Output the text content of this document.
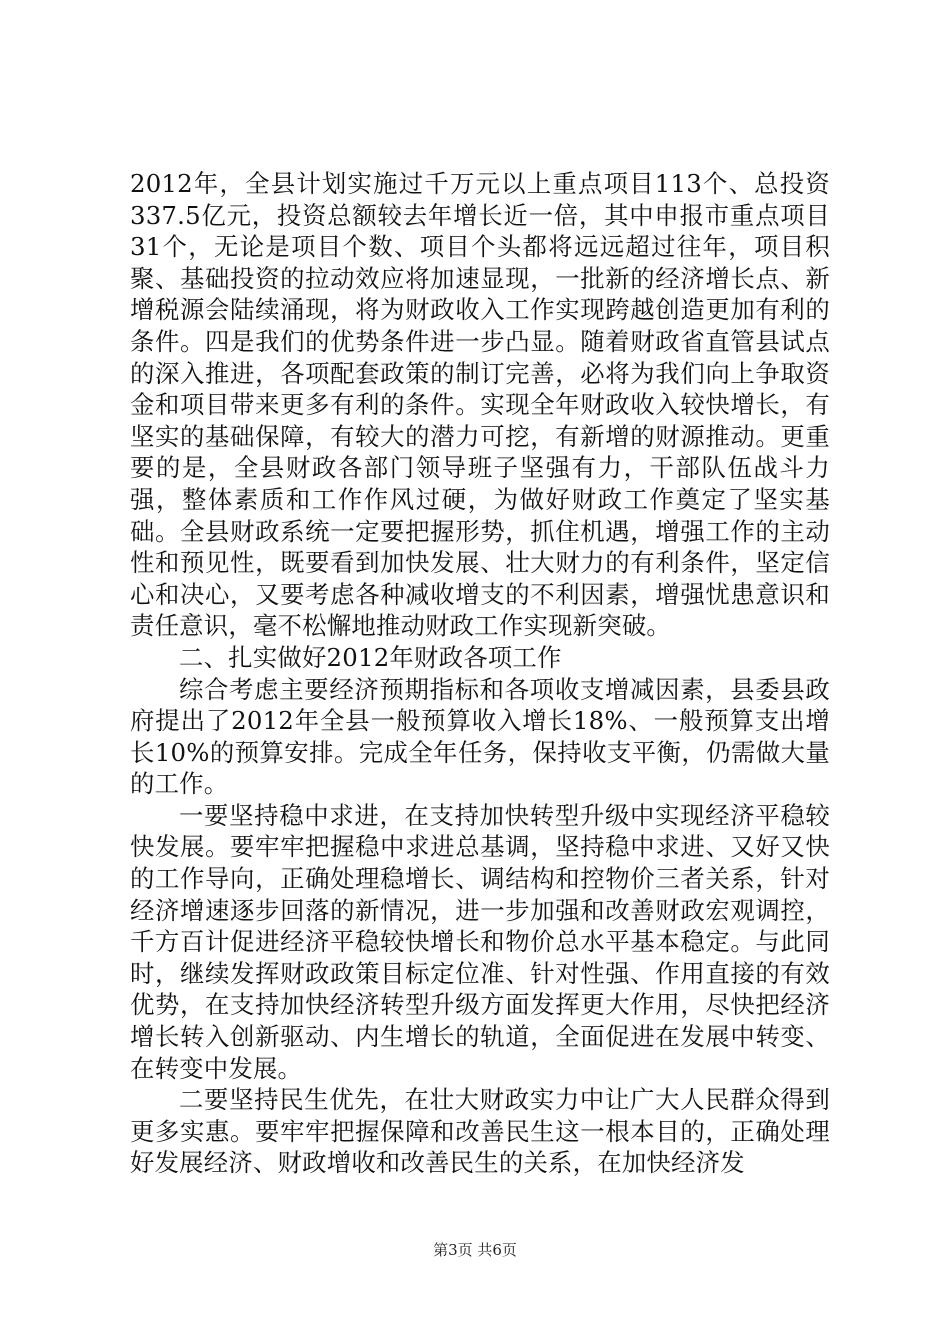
2012年，全县计划实施过千万元以上重点项目113个、总投资337.5亿元，投资总额较去年增长近一倍，其中申报市重点项目31个，无论是项目个数、项目个头都将远远超过往年，项目积聚、基础投资的拉动效应将加速显现，一批新的经济增长点、新增税源会陆续涌现，将为财政收入工作实现跨越创造更加有利的条件。四是我们的优势条件进一步凸显。随着财政省直管县试点的深入推进，各项配套政策的制订完善，必将为我们向上争取资金和项目带来更多有利的条件。实现全年财政收入较快增长，有坚实的基础保障，有较大的潜力可挖，有新增的财源推动。更重要的是，全县财政各部门领导班子坚强有力，干部队伍战斗力强，整体素质和工作作风过硬，为做好财政工作奠定了坚实基础。全县财政系统一定要把握形势，抓住机遇，增强工作的主动性和预见性，既要看到加快发展、壮大财力的有利条件，坚定信心和决心，又要考虑各种减收增支的不利因素，增强忧患意识和责任意识，毫不松懈地推动财政工作实现新突破。

二、扎实做好2012年财政各项工作

综合考虑主要经济预期指标和各项收支增减因素，县委县政府提出了2012年全县一般预算收入增长18%、一般预算支出增长10%的预算安排。完成全年任务，保持收支平衡，仍需做大量的工作。

一要坚持稳中求进，在支持加快转型升级中实现经济平稳较快发展。要牢牢把握稳中求进总基调，坚持稳中求进、又好又快的工作导向，正确处理稳增长、调结构和控物价三者关系，针对经济增速逐步回落的新情况，进一步加强和改善财政宏观调控，千方百计促进经济平稳较快增长和物价总水平基本稳定。与此同时，继续发挥财政政策目标定位准、针对性强、作用直接的有效优势，在支持加快经济转型升级方面发挥更大作用，尽快把经济增长转入创新驱动、内生增长的轨道，全面促进在发展中转变、在转变中发展。

二要坚持民生优先，在壮大财政实力中让广大人民群众得到更多实惠。要牢牢把握保障和改善民生这一根本目的，正确处理好发展经济、财政增收和改善民生的关系，在加快经济发

第3页 共6页
